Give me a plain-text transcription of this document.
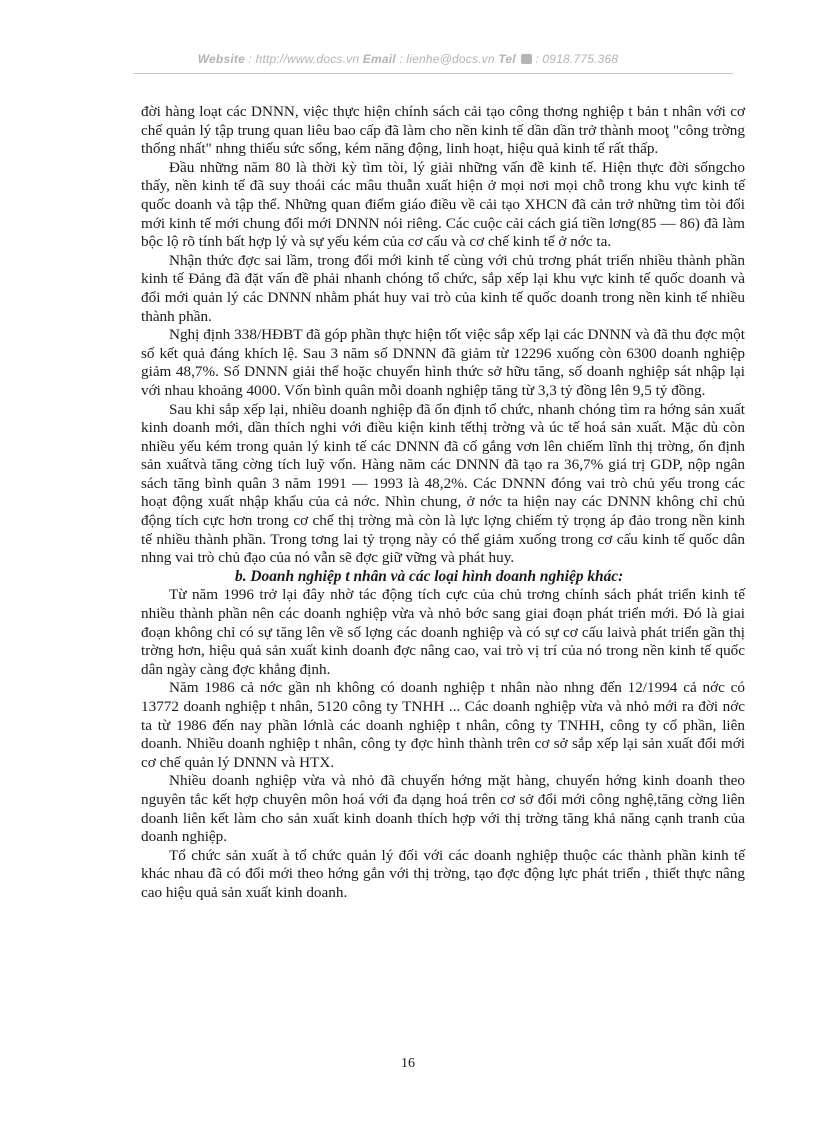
Website : http://www.docs.vn Email : lienhe@docs.vn Tel : 0918.775.368

đời hàng loạt các DNNN, việc thực hiện chính sách cải tạo công thơng nghiệp t bản t nhân với cơ chế quản lý tập trung quan liêu bao cấp đã làm cho nền kinh tế dần dần trở thành mooţ "công trờng thống nhất" nhng thiếu sức sống, kém năng động, linh hoạt, hiệu quả kinh tế rất thấp.

Đầu những năm 80 là thời kỳ tìm tòi, lý giải những vấn đề kinh tế. Hiện thực đời sốngcho thấy, nền kinh tế đã suy thoái các mâu thuẫn xuất hiện ở mọi nơi mọi chỗ trong khu vực kinh tế quốc doanh và tập thể. Những quan điểm giáo điều về cải tạo XHCN đã cản trở những tìm tòi đổi mới kinh tế mới chung đổi mới DNNN nói riêng. Các cuộc cải cách giá tiền lơng(85 — 86) đã làm bộc lộ rõ tính bất hợp lý và sự yếu kém của cơ cấu và cơ chế kinh tế ở nớc ta.

Nhận thức đợc sai lầm, trong đổi mới kinh tế cùng với chủ trơng phát triển nhiều thành phần kinh tế Đảng đã đặt vấn đề phải nhanh chóng tổ chức, sắp xếp lại khu vực kinh tế quốc doanh và đổi mới quản lý các DNNN nhằm phát huy vai trò của kinh tế quốc doanh trong nền kinh tế nhiều thành phần.

Nghị định 338/HĐBT đã góp phần thực hiện tốt việc sắp xếp lại các DNNN và đã thu đợc một số kết quả đáng khích lệ. Sau 3 năm số DNNN đã giảm từ 12296 xuống còn 6300 doanh nghiệp giảm 48,7%. Số DNNN giải thể hoặc chuyển hình thức sở hữu tăng, số doanh nghiệp sát nhập lại với nhau khoảng 4000. Vốn bình quân mỗi doanh nghiệp tăng từ 3,3 tỷ đồng lên 9,5 tỷ đồng.

Sau khi sắp xếp lại, nhiều doanh nghiệp đã ổn định tổ chức, nhanh chóng tìm ra hớng sản xuất kinh doanh mới, dần thích nghi với điều kiện kinh tếthị trờng và úc tế hoá sản xuất. Mặc dù còn nhiều yếu kém trong quản lý kinh tế các DNNN đã cố gắng vơn lên chiếm lĩnh thị trờng, ổn định sản xuấtvà tăng cờng tích luỹ vốn. Hàng năm các DNNN đã tạo ra 36,7% giá trị GDP, nộp ngân sách tăng bình quân 3 năm 1991 — 1993 là 48,2%. Các DNNN đóng vai trò chủ yếu trong các hoạt động xuất nhập khẩu của cả nớc. Nhìn chung, ở nớc ta hiện nay các DNNN không chỉ chủ động tích cực hơn trong cơ chế thị trờng mà còn là lực lợng chiếm tỷ trọng áp đảo trong nền kinh tế nhiều thành phần. Trong tơng lai tỷ trọng này có thể giảm xuống trong cơ cấu kinh tế quốc dân nhng vai trò chủ đạo của nó vẫn sẽ đợc giữ vững và phát huy.

b. Doanh nghiệp t nhân và các loại hình doanh nghiệp khác:

Từ năm 1996 trở lại đây nhờ tác động tích cực của chủ trơng chính sách phát triển kinh tế nhiều thành phần nên các doanh nghiệp vừa và nhỏ bớc sang giai đoạn phát triển mới. Đó là giai đoạn không chỉ có sự tăng lên về số lợng các doanh nghiệp và có sự cơ cấu laivà phát triển gần thị trờng hơn, hiệu quả sản xuất kinh doanh đợc nâng cao, vai trò vị trí của nó trong nền kinh tế quốc dân ngày càng đợc khẳng định.

Năm 1986 cả nớc gần nh không có doanh nghiệp t nhân nào nhng đến 12/1994 cả nớc có 13772 doanh nghiệp t nhân, 5120 công ty TNHH ... Các doanh nghiệp vừa và nhỏ mới ra đời nớc ta từ 1986 đến nay phần lớnlà các doanh nghiệp t nhân, công ty TNHH, công ty cổ phần, liên doanh. Nhiều doanh nghiệp t nhân, công ty đợc hình thành trên cơ sở sắp xếp lại sản xuất đổi mới cơ chế quản lý DNNN và HTX.

Nhiều doanh nghiệp vừa và nhỏ đã chuyển hớng mặt hàng, chuyển hớng kinh doanh theo nguyên tắc kết hợp chuyên môn hoá với đa dạng hoá trên cơ sở đổi mới công nghệ,tăng cờng liên doanh liên kết làm cho sản xuất kinh doanh thích hợp với thị trờng tăng khả năng cạnh tranh của doanh nghiệp.

Tổ chức sản xuất à tổ chức quản lý đối với các doanh nghiệp thuộc các thành phần kinh tế khác nhau đã có đổi mới theo hớng gắn với thị trờng, tạo đợc động lực phát triển , thiết thực nâng cao hiệu quả sản xuất kinh doanh.

16
